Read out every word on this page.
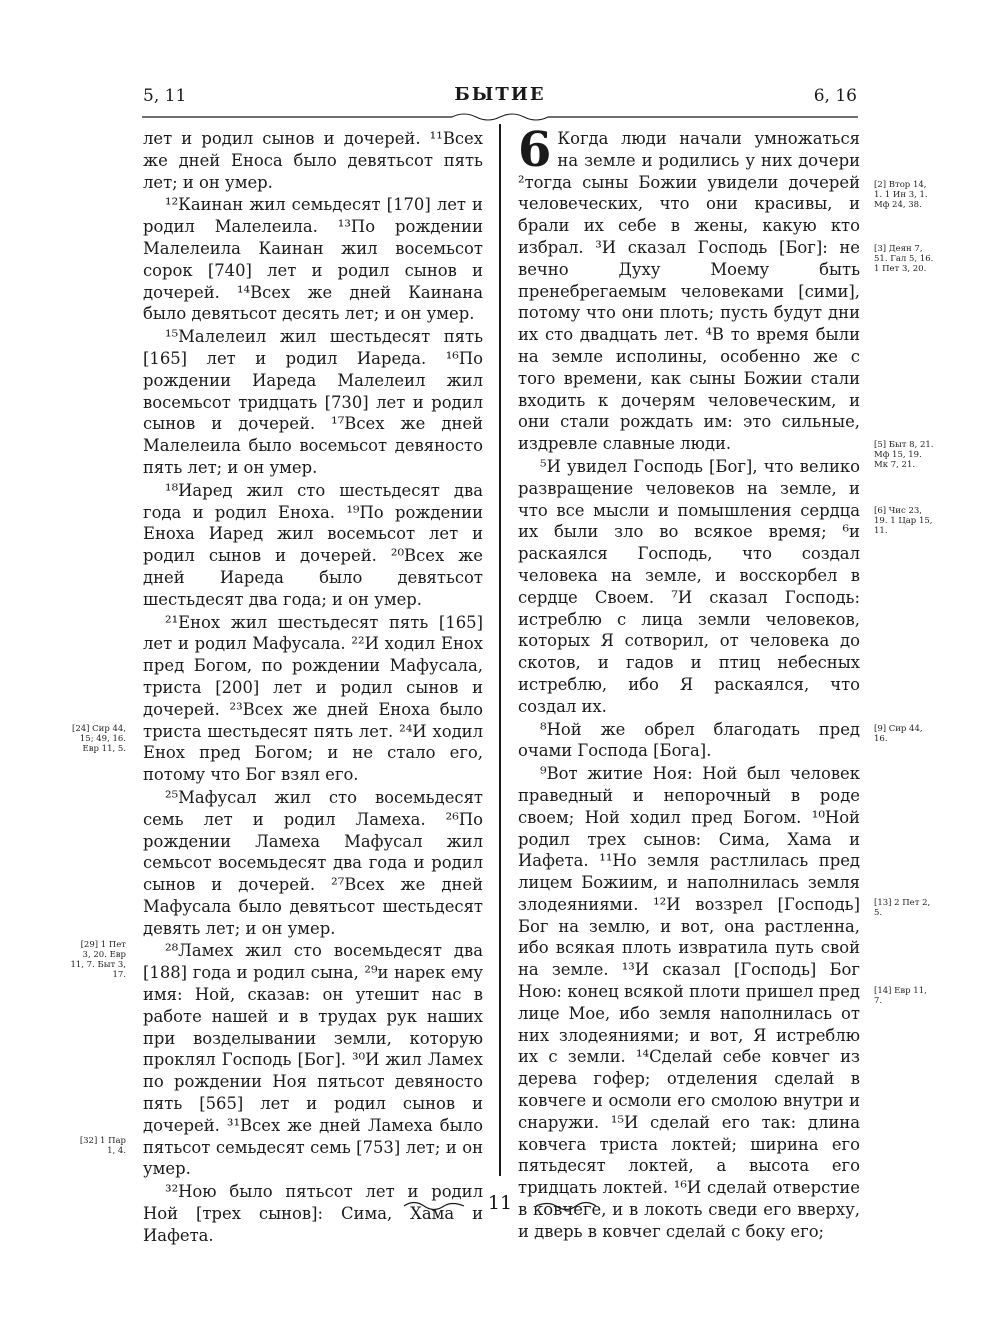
5, 11	БЫТИЕ	6, 16

лет и родил сынов и дочерей. ¹¹Всех же дней Еноса было девятьсот пять лет; и он умер.

¹²Каинан жил семьдесят [170] лет и родил Малелеила. ¹³По рождении Малелеила Каинан жил восемьсот сорок [740] лет и родил сынов и дочерей. ¹⁴Всех же дней Каинана было девятьсот десять лет; и он умер.

¹⁵Малелеил жил шестьдесят пять [165] лет и родил Иареда. ¹⁶По рождении Иареда Малелеил жил восемьсот тридцать [730] лет и родил сынов и дочерей. ¹⁷Всех же дней Малелеила было восемьсот девяносто пять лет; и он умер.

¹⁸Иаред жил сто шестьдесят два года и родил Еноха. ¹⁹По рождении Еноха Иаред жил восемьсот лет и родил сынов и дочерей. ²⁰Всех же дней Иареда было девятьсот шестьдесят два года; и он умер.

²¹Енох жил шестьдесят пять [165] лет и родил Мафусала. ²²И ходил Енох пред Богом, по рождении Мафусала, триста [200] лет и родил сынов и дочерей. ²³Всех же дней Еноха было триста шестьдесят пять лет. ²⁴И ходил Енох пред Богом; и не стало его, потому что Бог взял его.

²⁵Мафусал жил сто восемьдесят семь лет и родил Ламеха. ²⁶По рождении Ламеха Мафусал жил семьсот восемьдесят два года и родил сынов и дочерей. ²⁷Всех же дней Мафусала было девятьсот шестьдесят девять лет; и он умер.

²⁸Ламех жил сто восемьдесят два [188] года и родил сына, ²⁹и нарек ему имя: Ной, сказав: он утешит нас в работе нашей и в трудах рук наших при возделывании земли, которую проклял Господь [Бог]. ³⁰И жил Ламех по рождении Ноя пятьсот девяносто пять [565] лет и родил сынов и дочерей. ³¹Всех же дней Ламеха было пятьсот семьдесят семь [753] лет; и он умер.

³²Ною было пятьсот лет и родил Ной [трех сынов]: Сима, Хама и Иафета.

6 Когда люди начали умножаться на земле и родились у них дочери ²тогда сыны Божии увидели дочерей человеческих, что они красивы, и брали их себе в жены, какую кто избрал. ³И сказал Господь [Бог]: не вечно Духу Моему быть пренебрегаемым человеками [сими], потому что они плоть; пусть будут дни их сто двадцать лет. ⁴В то время были на земле исполины, особенно же с того времени, как сыны Божии стали входить к дочерям человеческим, и они стали рождать им: это сильные, издревле славные люди.

⁵И увидел Господь [Бог], что велико развращение человеков на земле, и что все мысли и помышления сердца их были зло во всякое время; ⁶и раскаялся Господь, что создал человека на земле, и восскорбел в сердце Своем. ⁷И сказал Господь: истреблю с лица земли человеков, которых Я сотворил, от человека до скотов, и гадов и птиц небесных истреблю, ибо Я раскаялся, что создал их.

⁸Ной же обрел благодать пред очами Господа [Бога].

⁹Вот житие Ноя: Ной был человек праведный и непорочный в роде своем; Ной ходил пред Богом. ¹⁰Ной родил трех сынов: Сима, Хама и Иафета. ¹¹Но земля растлилась пред лицем Божиим, и наполнилась земля злодеяниями. ¹²И воззрел [Господь] Бог на землю, и вот, она растленна, ибо всякая плоть извратила путь свой на земле. ¹³И сказал [Господь] Бог Ною: конец всякой плоти пришел пред лице Мое, ибо земля наполнилась от них злодеяниями; и вот, Я истреблю их с земли. ¹⁴Сделай себе ковчег из дерева гофер; отделения сделай в ковчеге и осмоли его смолою внутри и снаружи. ¹⁵И сделай его так: длина ковчега триста локтей; ширина его пятьдесят локтей, а высота его тридцать локтей. ¹⁶И сделай отверстие в ковчеге, и в локоть сведи его вверху, и дверь в ковчег сделай с боку его;

[24] Сир 44, 15; 49, 16. Евр 11, 5.
[29] 1 Пет 3, 20. Евр 11, 7. Быт 3, 17.
[32] 1 Пар 1, 4.
[2] Втор 14, 1. 1 Ин 3, 1. Мф 24, 38.
[3] Деян 7, 51. Гал 5, 16. 1 Пет 3, 20.
[5] Быт 8, 21. Мф 15, 19. Мк 7, 21.
[6] Чис 23, 19. 1 Цар 15, 11.
[9] Сир 44, 16.
[13] 2 Пет 2, 5.
[14] Евр 11, 7.
11
